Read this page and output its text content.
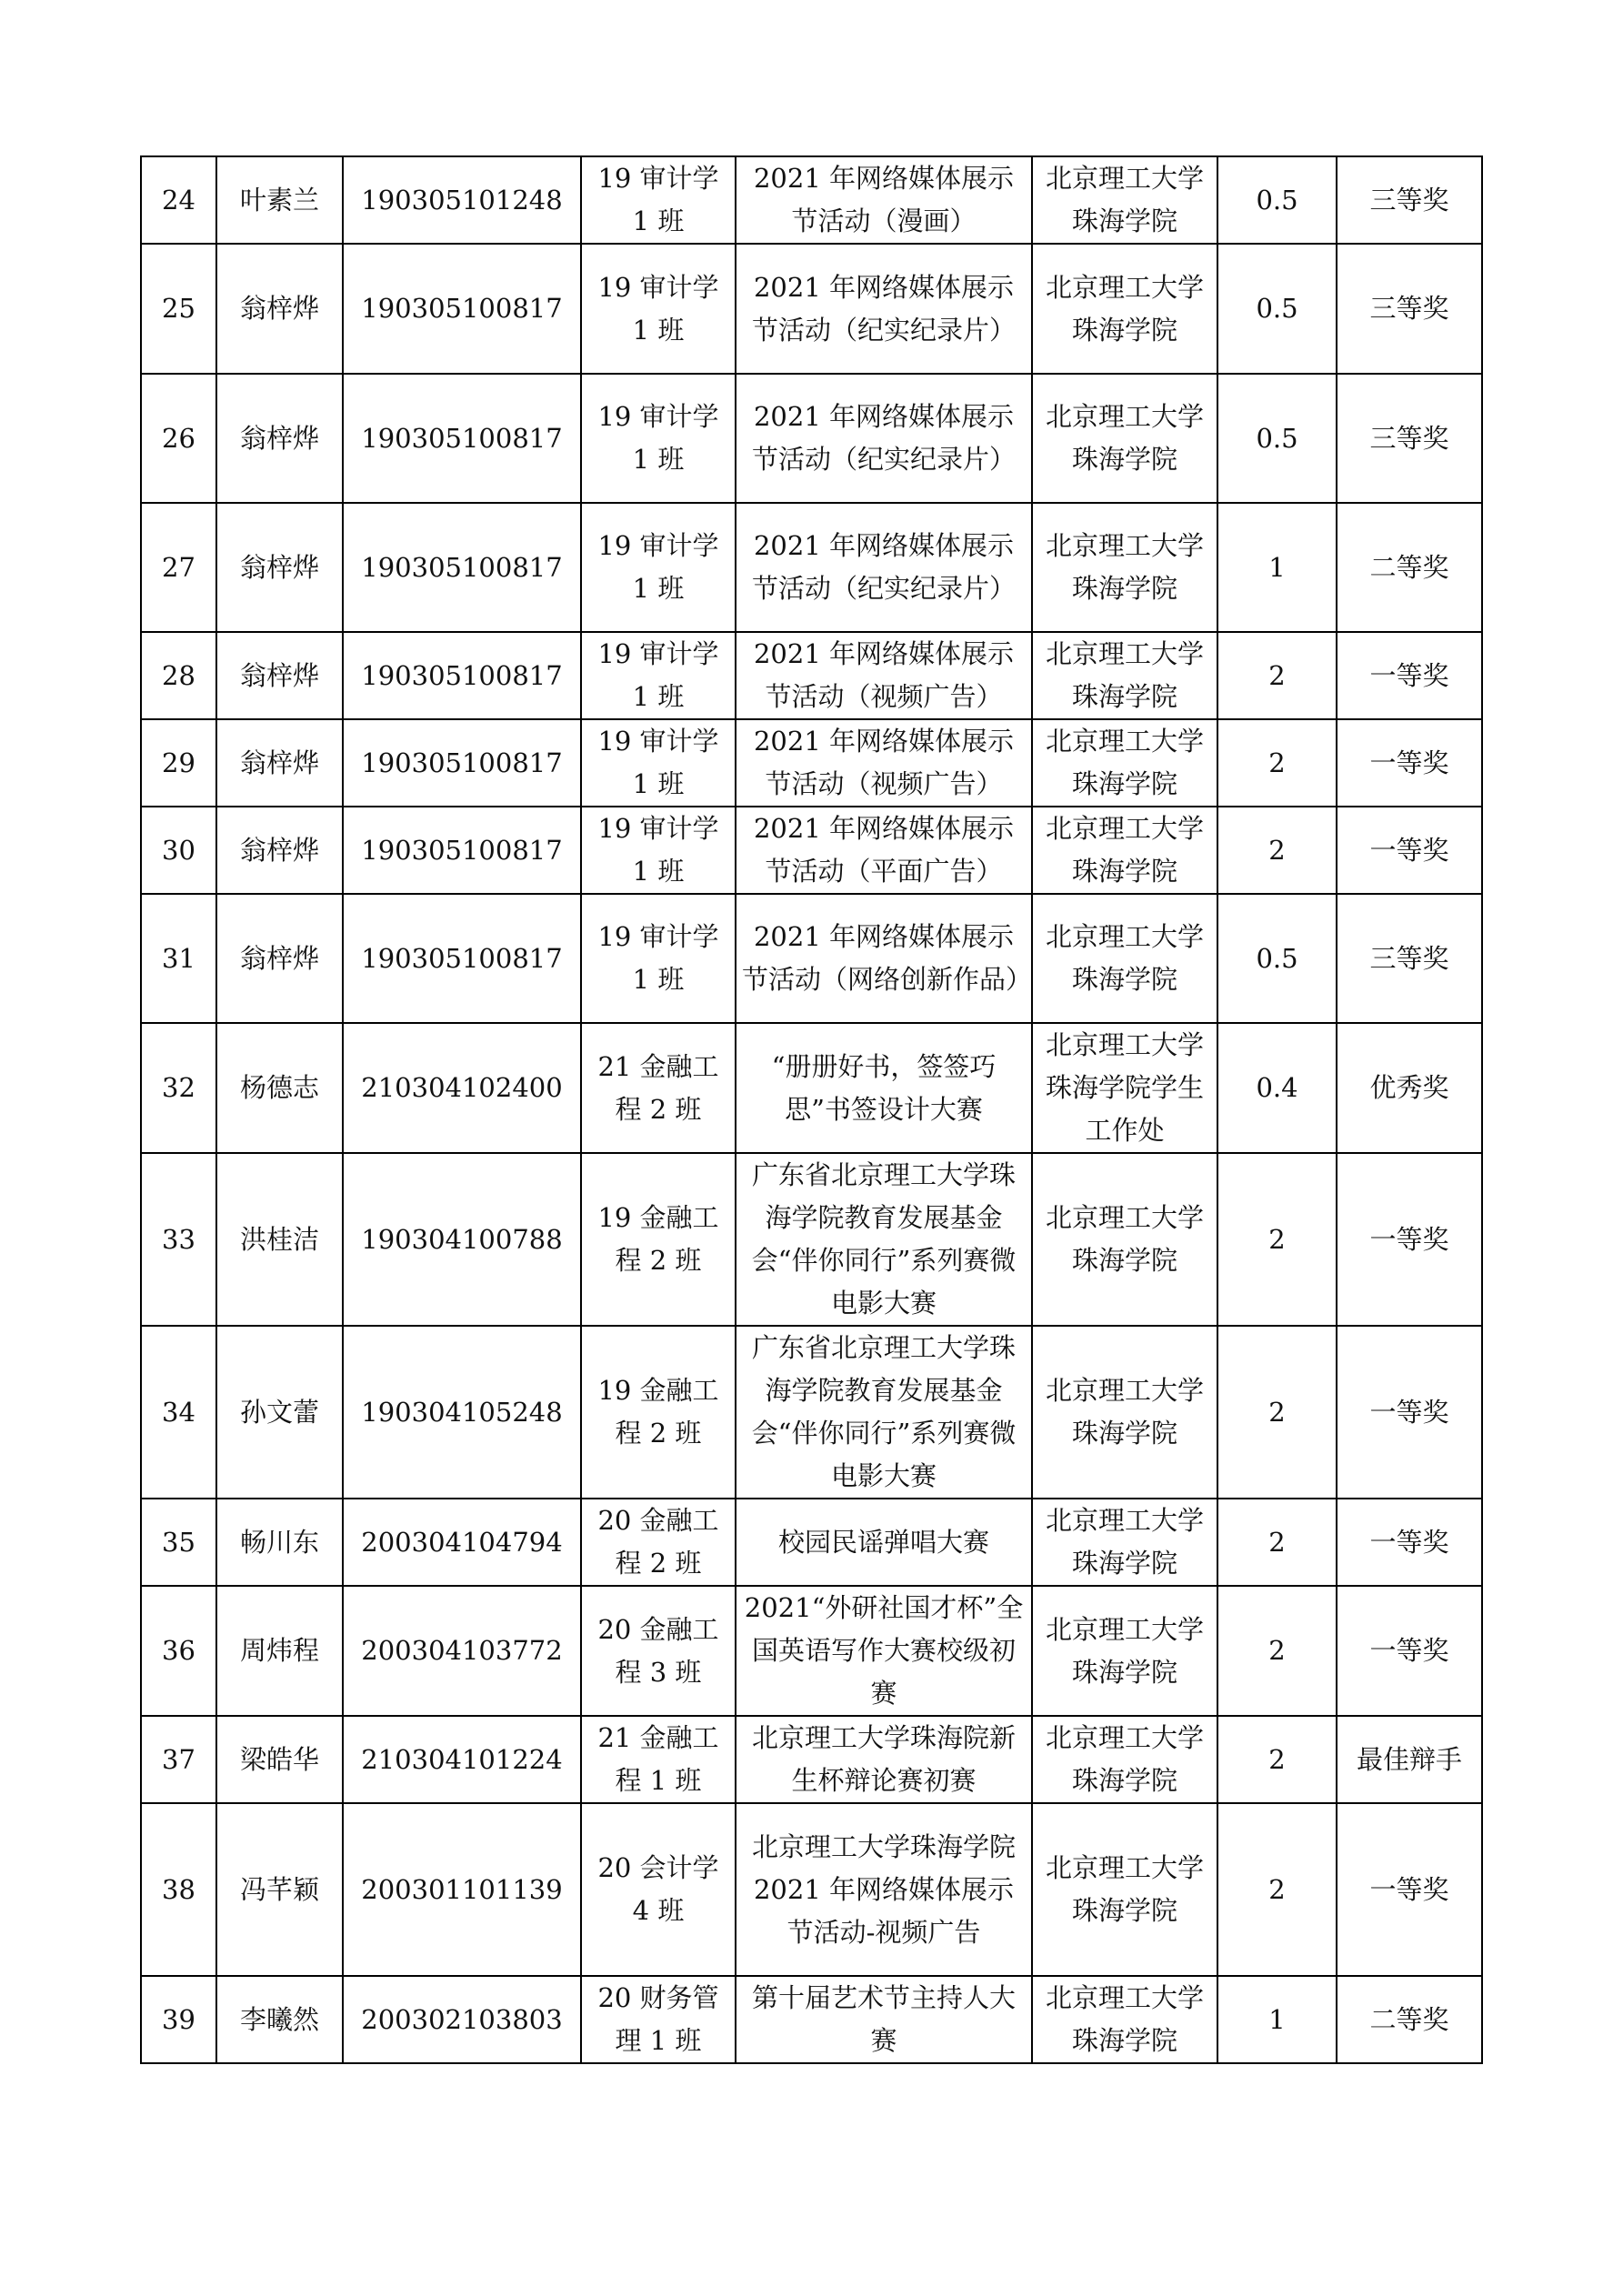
24	叶素兰	190305101248	19 审计学 1 班	2021 年网络媒体展示节活动（漫画）	北京理工大学珠海学院	0.5	三等奖
25	翁梓烨	190305100817	19 审计学 1 班	2021 年网络媒体展示节活动（纪实纪录片）	北京理工大学珠海学院	0.5	三等奖
26	翁梓烨	190305100817	19 审计学 1 班	2021 年网络媒体展示节活动（纪实纪录片）	北京理工大学珠海学院	0.5	三等奖
27	翁梓烨	190305100817	19 审计学 1 班	2021 年网络媒体展示节活动（纪实纪录片）	北京理工大学珠海学院	1	二等奖
28	翁梓烨	190305100817	19 审计学 1 班	2021 年网络媒体展示节活动（视频广告）	北京理工大学珠海学院	2	一等奖
29	翁梓烨	190305100817	19 审计学 1 班	2021 年网络媒体展示节活动（视频广告）	北京理工大学珠海学院	2	一等奖
30	翁梓烨	190305100817	19 审计学 1 班	2021 年网络媒体展示节活动（平面广告）	北京理工大学珠海学院	2	一等奖
31	翁梓烨	190305100817	19 审计学 1 班	2021 年网络媒体展示节活动（网络创新作品）	北京理工大学珠海学院	0.5	三等奖
32	杨德志	210304102400	21 金融工程 2 班	“册册好书，签签巧思”书签设计大赛	北京理工大学珠海学院学生工作处	0.4	优秀奖
33	洪桂洁	190304100788	19 金融工程 2 班	广东省北京理工大学珠海学院教育发展基金会“伴你同行”系列赛微电影大赛	北京理工大学珠海学院	2	一等奖
34	孙文蕾	190304105248	19 金融工程 2 班	广东省北京理工大学珠海学院教育发展基金会“伴你同行”系列赛微电影大赛	北京理工大学珠海学院	2	一等奖
35	畅川东	200304104794	20 金融工程 2 班	校园民谣弹唱大赛	北京理工大学珠海学院	2	一等奖
36	周炜程	200304103772	20 金融工程 3 班	2021“外研社国才杯”全国英语写作大赛校级初赛	北京理工大学珠海学院	2	一等奖
37	梁皓华	210304101224	21 金融工程 1 班	北京理工大学珠海院新生杯辩论赛初赛	北京理工大学珠海学院	2	最佳辩手
38	冯芊颖	200301101139	20 会计学 4 班	北京理工大学珠海学院 2021 年网络媒体展示节活动-视频广告	北京理工大学珠海学院	2	一等奖
39	李曦然	200302103803	20 财务管理 1 班	第十届艺术节主持人大赛	北京理工大学珠海学院	1	二等奖
